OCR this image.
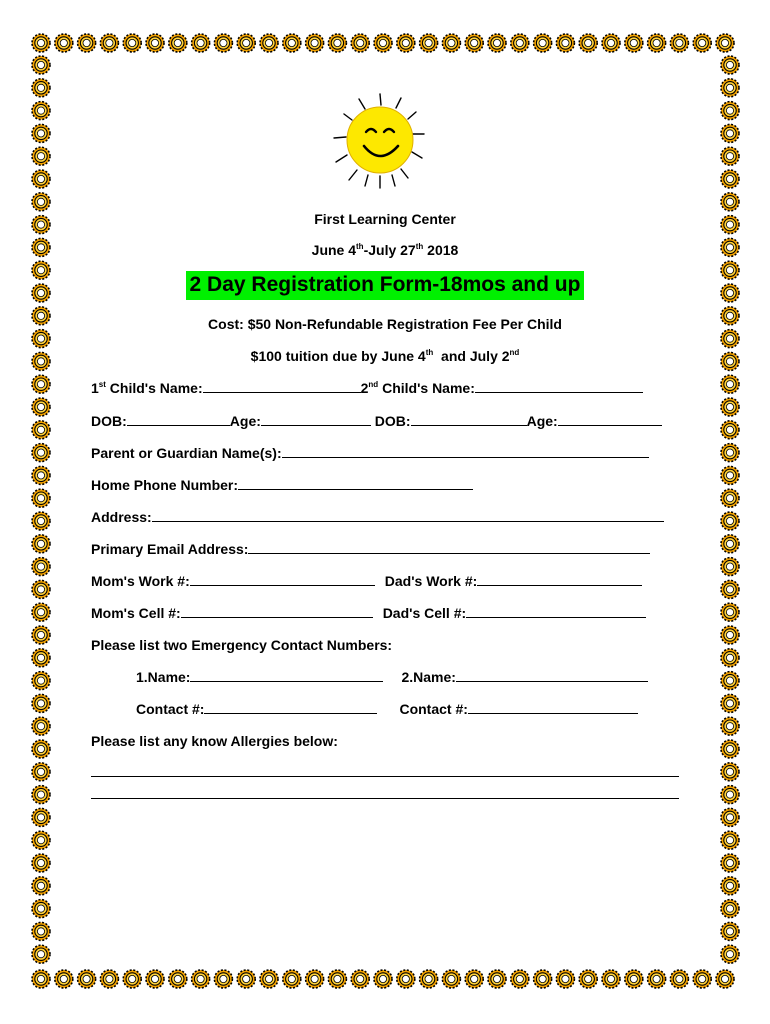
First Learning Center
June 4th-July 27th 2018
2 Day Registration Form-18mos and up
Cost: $50 Non-Refundable Registration Fee Per Child
$100 tuition due by June 4th  and July 2nd
1st Child's Name:	2nd Child's Name:
DOB:	Age:	DOB:	Age:
Parent or Guardian Name(s):
Home Phone Number:
Address:
Primary Email Address:
Mom's Work #:	Dad's Work #:
Mom's Cell #:	Dad's Cell #:
Please list two Emergency Contact Numbers:
1.Name:	2.Name:
Contact #:	Contact #:
Please list any know Allergies below:
